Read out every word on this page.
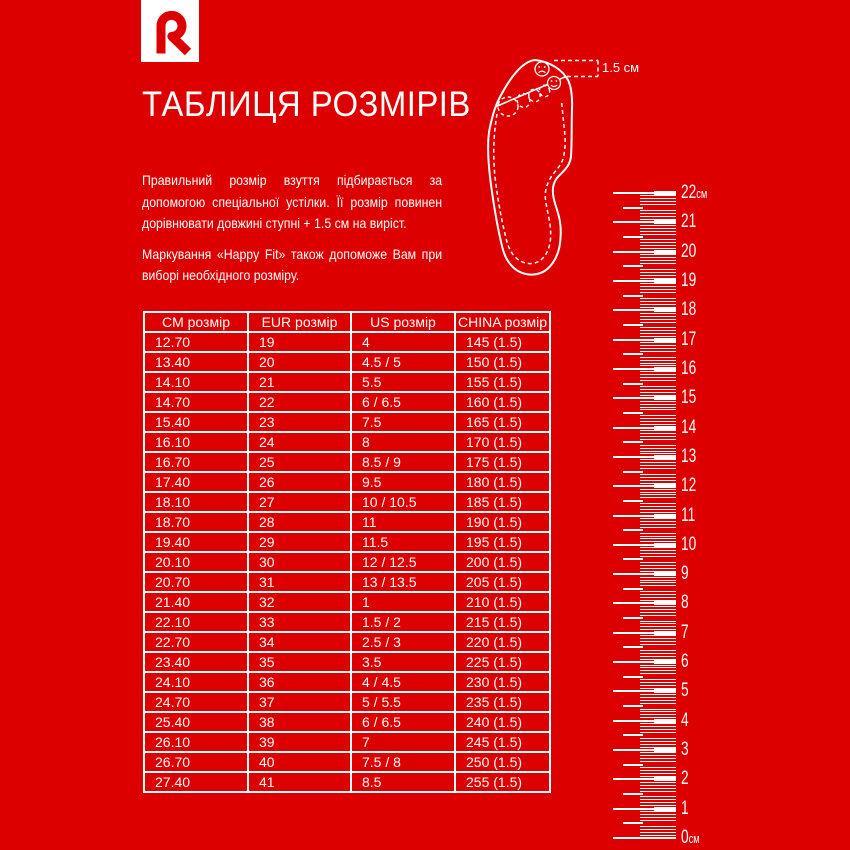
ТАБЛИЦЯ РОЗМІРІВ

Правильний розмір взуття підбирається за допомогою спеціальної устілки. Її розмір повинен дорівнювати довжині ступні + 1.5 см на виріст.

Маркування «Happy Fit» також допоможе Вам при виборі необхідного розміру.

1.5 см
22см
21
20
19
18
17
16
15
14
13
12
11
10
9
8
7
6
5
4
3
2
1
0см
CM розмір	EUR розмір	US розмір	CHINA розмір
12.70	19	4	145 (1.5)
13.40	20	4.5 / 5	150 (1.5)
14.10	21	5.5	155 (1.5)
14.70	22	6 / 6.5	160 (1.5)
15.40	23	7.5	165 (1.5)
16.10	24	8	170 (1.5)
16.70	25	8.5 / 9	175 (1.5)
17.40	26	9.5	180 (1.5)
18.10	27	10 / 10.5	185 (1.5)
18.70	28	11	190 (1.5)
19.40	29	11.5	195 (1.5)
20.10	30	12 / 12.5	200 (1.5)
20.70	31	13 / 13.5	205 (1.5)
21.40	32	1	210 (1.5)
22.10	33	1.5 / 2	215 (1.5)
22.70	34	2.5 / 3	220 (1.5)
23.40	35	3.5	225 (1.5)
24.10	36	4 / 4.5	230 (1.5)
24.70	37	5 / 5.5	235 (1.5)
25.40	38	6 / 6.5	240 (1.5)
26.10	39	7	245 (1.5)
26.70	40	7.5 / 8	250 (1.5)
27.40	41	8.5	255 (1.5)
